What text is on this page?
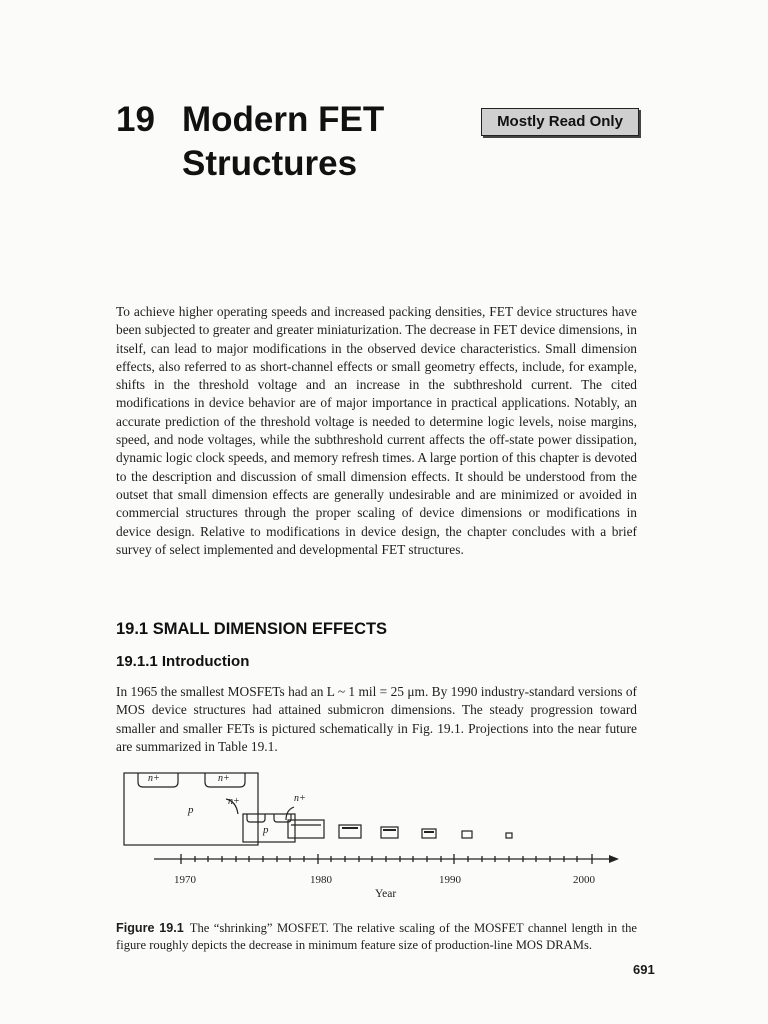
19 Modern FET Structures
Mostly Read Only
To achieve higher operating speeds and increased packing densities, FET device structures have been subjected to greater and greater miniaturization. The decrease in FET device dimensions, in itself, can lead to major modifications in the observed device characteristics. Small dimension effects, also referred to as short-channel effects or small geometry effects, include, for example, shifts in the threshold voltage and an increase in the subthreshold current. The cited modifications in device behavior are of major importance in practical applications. Notably, an accurate prediction of the threshold voltage is needed to determine logic levels, noise margins, speed, and node voltages, while the subthreshold current affects the off-state power dissipation, dynamic logic clock speeds, and memory refresh times. A large portion of this chapter is devoted to the description and discussion of small dimension effects. It should be understood from the outset that small dimension effects are generally undesirable and are minimized or avoided in commercial structures through the proper scaling of device dimensions or modifications in device design. Relative to modifications in device design, the chapter concludes with a brief survey of select implemented and developmental FET structures.
19.1 SMALL DIMENSION EFFECTS
19.1.1 Introduction
In 1965 the smallest MOSFETs had an L ~ 1 mil = 25 μm. By 1990 industry-standard versions of MOS device structures had attained submicron dimensions. The steady progression toward smaller and smaller FETs is pictured schematically in Fig. 19.1. Projections into the near future are summarized in Table 19.1.
n+	n+
p
n+	n+
p
1970	1980	1990	2000
Year
Figure 19.1 The “shrinking” MOSFET. The relative scaling of the MOSFET channel length in the figure roughly depicts the decrease in minimum feature size of production-line MOS DRAMs.
691
